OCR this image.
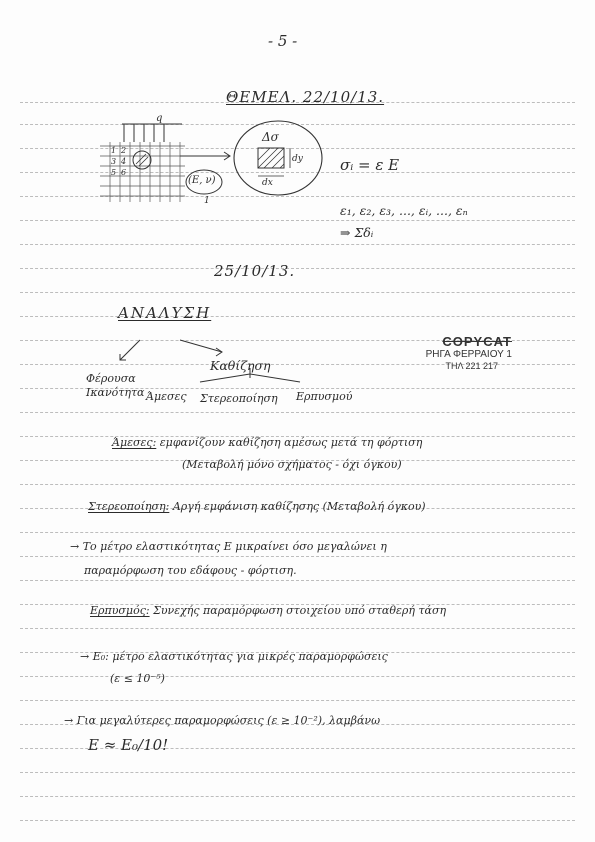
- 5 -
ΘΕΜΕΛ. 22/10/13.
q
1 2
3 4
5 6
(E, ν)
1
Δσ
dy
dx
σᵢ = ε E
ε₁, ε₂, ε₃, ..., εᵢ, ..., εₙ
⇒ Σδᵢ
25/10/13.
ΑΝΑΛΥΣΗ
Φέρουσα
Ικανότητα
Καθίζηση
Άμεσες Στερεοποίηση Ερπυσμού
COPYCAT
ΡΗΓΑ ΦΕΡΡΑΙΟΥ 1
ΤΗΛ 221 217
Άμεσες: εμφανίζουν καθίζηση αμέσως μετά τη φόρτιση
(Μεταβολή μόνο σχήματος - όχι όγκου)
Στερεοποίηση: Αργή εμφάνιση καθίζησης (Μεταβολή όγκου)
→ Το μέτρο ελαστικότητας E μικραίνει όσο μεγαλώνει η
παραμόρφωση του εδάφους - φόρτιση.
Ερπυσμός: Συνεχής παραμόρφωση στοιχείου υπό σταθερή τάση
→ E₀: μέτρο ελαστικότητας για μικρές παραμορφώσεις
(ε ≤ 10⁻⁵)
→ Για μεγαλύτερες παραμορφώσεις (ε ≥ 10⁻²), λαμβάνω
E ≈ E₀/10!
